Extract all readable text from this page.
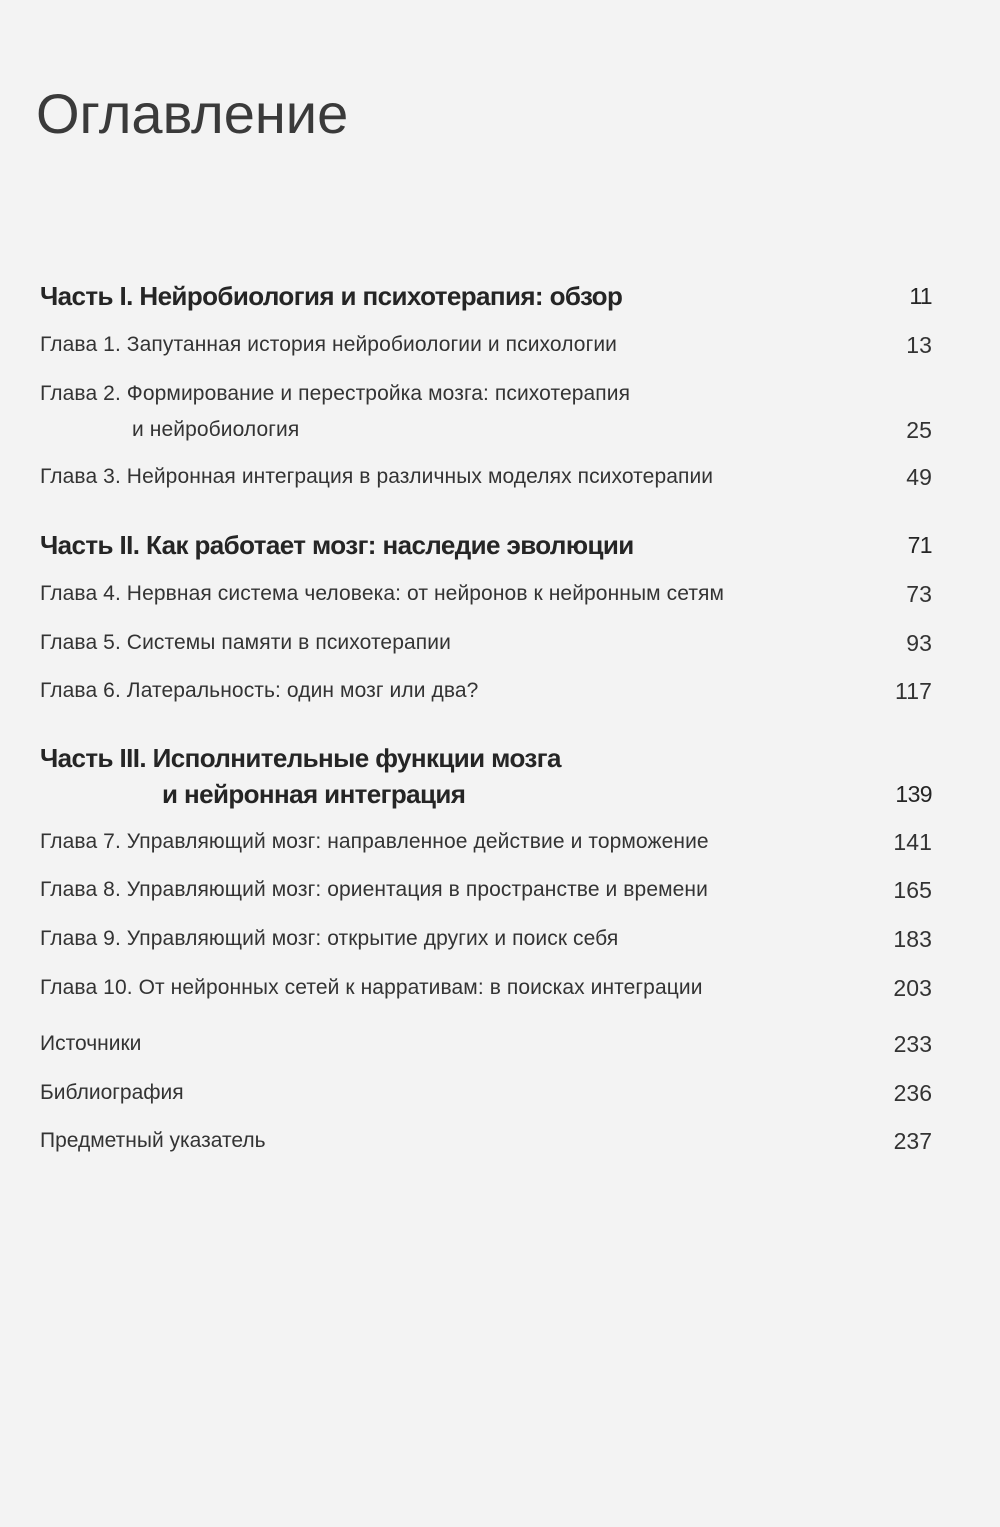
Оглавление
Часть I. Нейробиология и психотерапия: обзор	11
Глава 1. Запутанная история нейробиологии и психологии	13
Глава 2. Формирование и перестройка мозга: психотерапия
и нейробиология	25
Глава 3. Нейронная интеграция в различных моделях психотерапии	49
Часть II. Как работает мозг: наследие эволюции	71
Глава 4. Нервная система человека: от нейронов к нейронным сетям	73
Глава 5. Системы памяти в психотерапии	93
Глава 6. Латеральность: один мозг или два?	117
Часть III. Исполнительные функции мозга
и нейронная интеграция	139
Глава 7. Управляющий мозг: направленное действие и торможение	141
Глава 8. Управляющий мозг: ориентация в пространстве и времени	165
Глава 9. Управляющий мозг: открытие других и поиск себя	183
Глава 10. От нейронных сетей к нарративам: в поисках интеграции	203
Источники	233
Библиография	236
Предметный указатель	237
